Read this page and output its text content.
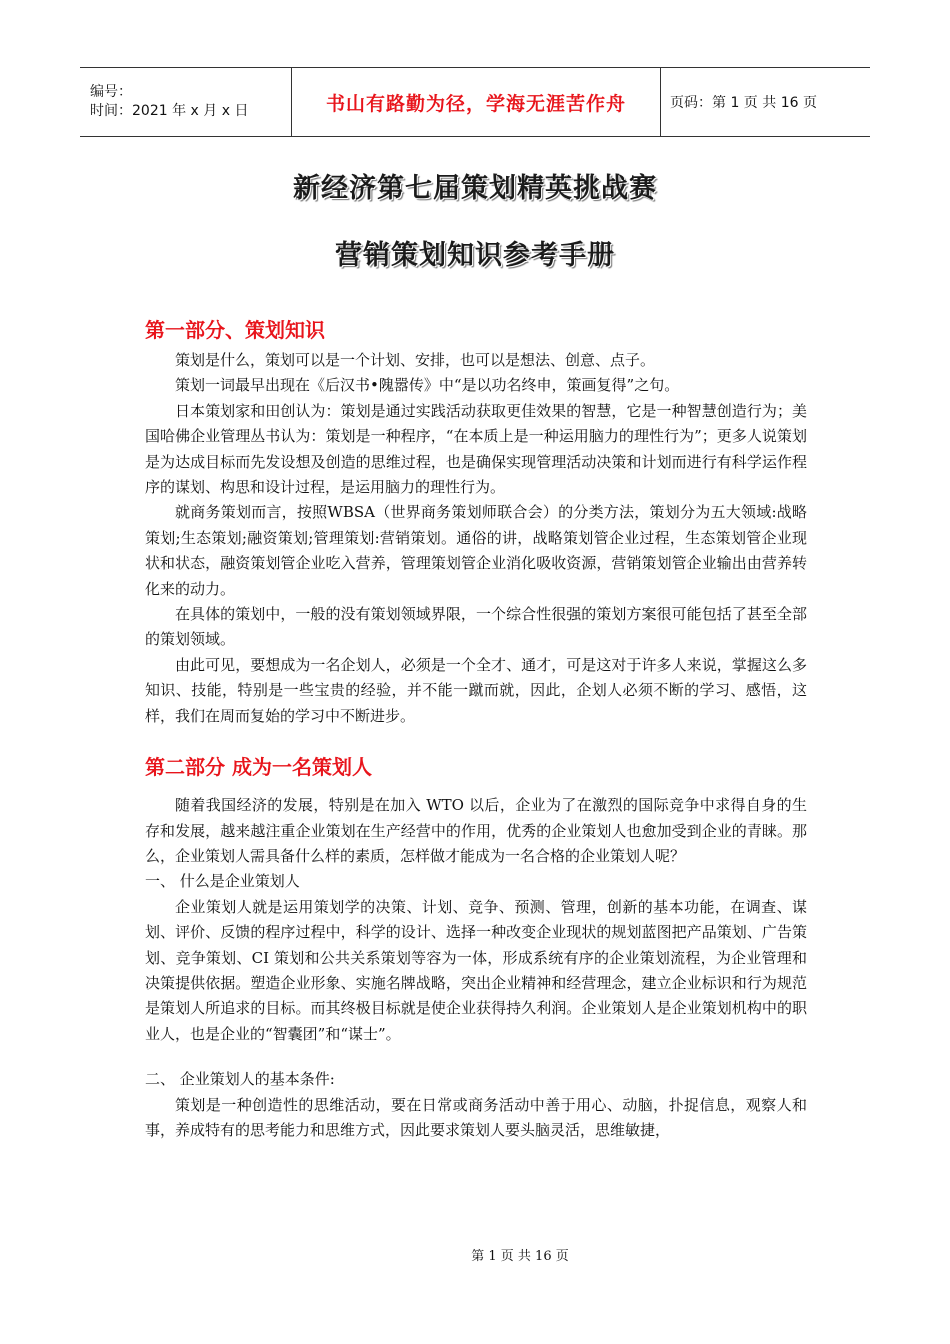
编号：
时间：2021 年 x 月 x 日	书山有路勤为径，学海无涯苦作舟	页码：第 1 页 共 16 页
新经济第七届策划精英挑战赛
营销策划知识参考手册
第一部分、策划知识

策划是什么，策划可以是一个计划、安排，也可以是想法、创意、点子。

策划一词最早出现在《后汉书•隗嚣传》中“是以功名终申，策画复得”之句。

日本策划家和田创认为：策划是通过实践活动获取更佳效果的智慧，它是一种智慧创造行为；美国哈佛企业管理丛书认为：策划是一种程序，“在本质上是一种运用脑力的理性行为”；更多人说策划是为达成目标而先发设想及创造的思维过程，也是确保实现管理活动决策和计划而进行有科学运作程序的谋划、构思和设计过程，是运用脑力的理性行为。

就商务策划而言，按照WBSA（世界商务策划师联合会）的分类方法，策划分为五大领域:战略策划;生态策划;融资策划;管理策划:营销策划。通俗的讲，战略策划管企业过程，生态策划管企业现状和状态，融资策划管企业吃入营养，管理策划管企业消化吸收资源，营销策划管企业输出由营养转化来的动力。

在具体的策划中，一般的没有策划领域界限，一个综合性很强的策划方案很可能包括了甚至全部的策划领域。

由此可见，要想成为一名企划人，必须是一个全才、通才，可是这对于许多人来说，掌握这么多知识、技能，特别是一些宝贵的经验，并不能一蹴而就，因此，企划人必须不断的学习、感悟，这样，我们在周而复始的学习中不断进步。

第二部分 成为一名策划人

随着我国经济的发展，特别是在加入 WTO 以后，企业为了在激烈的国际竞争中求得自身的生存和发展，越来越注重企业策划在生产经营中的作用，优秀的企业策划人也愈加受到企业的青睐。那么，企业策划人需具备什么样的素质，怎样做才能成为一名合格的企业策划人呢？

一、 什么是企业策划人

企业策划人就是运用策划学的决策、计划、竞争、预测、管理，创新的基本功能，在调查、谋划、评价、反馈的程序过程中，科学的设计、选择一种改变企业现状的规划蓝图把产品策划、广告策划、竞争策划、CI 策划和公共关系策划等容为一体，形成系统有序的企业策划流程，为企业管理和决策提供依据。塑造企业形象、实施名牌战略，突出企业精神和经营理念，建立企业标识和行为规范是策划人所追求的目标。而其终极目标就是使企业获得持久利润。企业策划人是企业策划机构中的职业人，也是企业的“智囊团”和“谋士”。

二、 企业策划人的基本条件:

策划是一种创造性的思维活动，要在日常或商务活动中善于用心、动脑，扑捉信息，观察人和事，养成特有的思考能力和思维方式，因此要求策划人要头脑灵活，思维敏捷，

第 1 页 共 16 页
